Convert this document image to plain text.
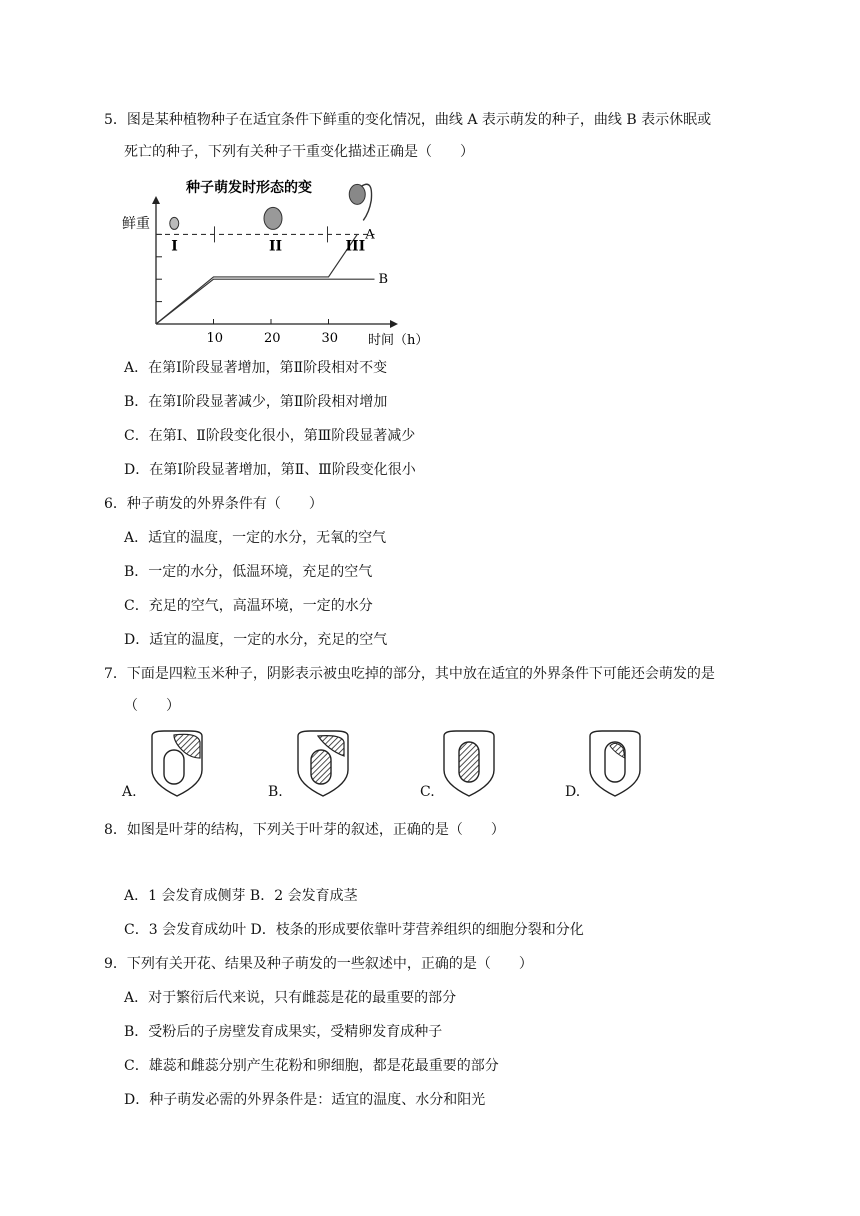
5．图是某种植物种子在适宜条件下鲜重的变化情况，曲线 A 表示萌发的种子，曲线 B 表示休眠或
死亡的种子，下列有关种子干重变化描述正确是（　　）
种子萌发时形态的变
鲜重
时间（h）
10	20	30
A
B
I	II	III
A．在第Ⅰ阶段显著增加，第Ⅱ阶段相对不变
B．在第Ⅰ阶段显著减少，第Ⅱ阶段相对增加
C．在第Ⅰ、Ⅱ阶段变化很小，第Ⅲ阶段显著减少
D．在第Ⅰ阶段显著增加，第Ⅱ、Ⅲ阶段变化很小
6．种子萌发的外界条件有（　　）
A．适宜的温度，一定的水分，无氧的空气
B．一定的水分，低温环境，充足的空气
C．充足的空气，高温环境，一定的水分
D．适宜的温度，一定的水分，充足的空气
7．下面是四粒玉米种子，阴影表示被虫吃掉的部分，其中放在适宜的外界条件下可能还会萌发的是
（　　）
A.	B.	C.	D.
8．如图是叶芽的结构，下列关于叶芽的叙述，正确的是（　　）
A．1 会发育成侧芽 B．2 会发育成茎
C．3 会发育成幼叶 D．枝条的形成要依靠叶芽营养组织的细胞分裂和分化
9．下列有关开花、结果及种子萌发的一些叙述中，正确的是（　　）
A．对于繁衍后代来说，只有雌蕊是花的最重要的部分
B．受粉后的子房壁发育成果实，受精卵发育成种子
C．雄蕊和雌蕊分别产生花粉和卵细胞，都是花最重要的部分
D．种子萌发必需的外界条件是：适宜的温度、水分和阳光
